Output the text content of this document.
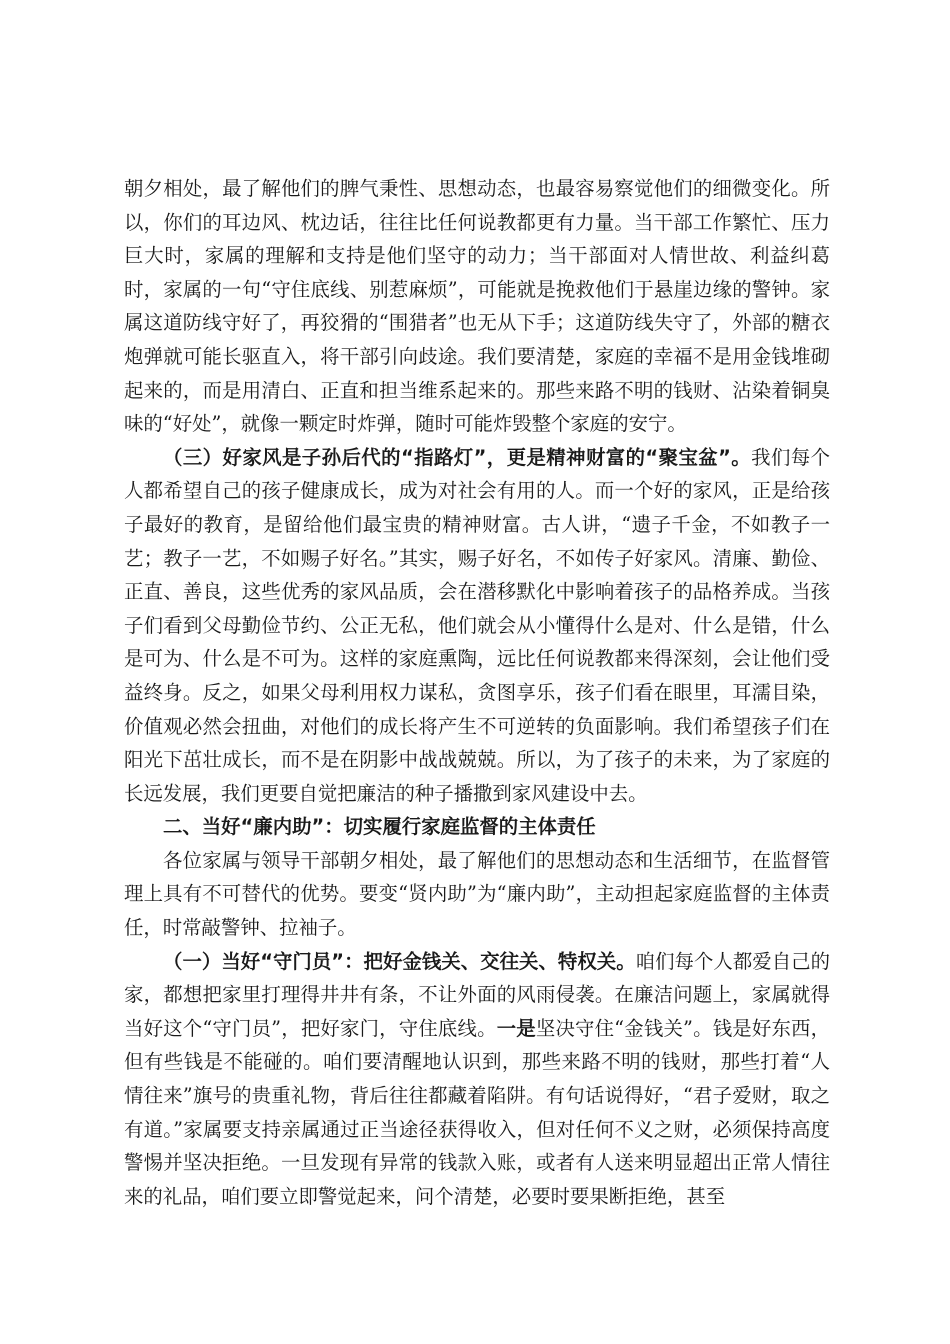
朝夕相处，最了解他们的脾气秉性、思想动态，也最容易察觉他们的细微变化。所以，你们的耳边风、枕边话，往往比任何说教都更有力量。当干部工作繁忙、压力巨大时，家属的理解和支持是他们坚守的动力；当干部面对人情世故、利益纠葛时，家属的一句“守住底线、别惹麻烦”，可能就是挽救他们于悬崖边缘的警钟。家属这道防线守好了，再狡猾的“围猎者”也无从下手；这道防线失守了，外部的糖衣炮弹就可能长驱直入，将干部引向歧途。我们要清楚，家庭的幸福不是用金钱堆砌起来的，而是用清白、正直和担当维系起来的。那些来路不明的钱财、沾染着铜臭味的“好处”，就像一颗定时炸弹，随时可能炸毁整个家庭的安宁。

（三）好家风是子孙后代的“指路灯”，更是精神财富的“聚宝盆”。我们每个人都希望自己的孩子健康成长，成为对社会有用的人。而一个好的家风，正是给孩子最好的教育，是留给他们最宝贵的精神财富。古人讲，“遗子千金，不如教子一艺；教子一艺，不如赐子好名。”其实，赐子好名，不如传子好家风。清廉、勤俭、正直、善良，这些优秀的家风品质，会在潜移默化中影响着孩子的品格养成。当孩子们看到父母勤俭节约、公正无私，他们就会从小懂得什么是对、什么是错，什么是可为、什么是不可为。这样的家庭熏陶，远比任何说教都来得深刻，会让他们受益终身。反之，如果父母利用权力谋私，贪图享乐，孩子们看在眼里，耳濡目染，价值观必然会扭曲，对他们的成长将产生不可逆转的负面影响。我们希望孩子们在阳光下茁壮成长，而不是在阴影中战战兢兢。所以，为了孩子的未来，为了家庭的长远发展，我们更要自觉把廉洁的种子播撒到家风建设中去。

二、当好“廉内助”：切实履行家庭监督的主体责任

各位家属与领导干部朝夕相处，最了解他们的思想动态和生活细节，在监督管理上具有不可替代的优势。要变“贤内助”为“廉内助”，主动担起家庭监督的主体责任，时常敲警钟、拉袖子。

（一）当好“守门员”：把好金钱关、交往关、特权关。咱们每个人都爱自己的家，都想把家里打理得井井有条，不让外面的风雨侵袭。在廉洁问题上，家属就得当好这个“守门员”，把好家门，守住底线。一是坚决守住“金钱关”。钱是好东西，但有些钱是不能碰的。咱们要清醒地认识到，那些来路不明的钱财，那些打着“人情往来”旗号的贵重礼物，背后往往都藏着陷阱。有句话说得好，“君子爱财，取之有道。”家属要支持亲属通过正当途径获得收入，但对任何不义之财，必须保持高度警惕并坚决拒绝。一旦发现有异常的钱款入账，或者有人送来明显超出正常人情往来的礼品，咱们要立即警觉起来，问个清楚，必要时要果断拒绝，甚至
